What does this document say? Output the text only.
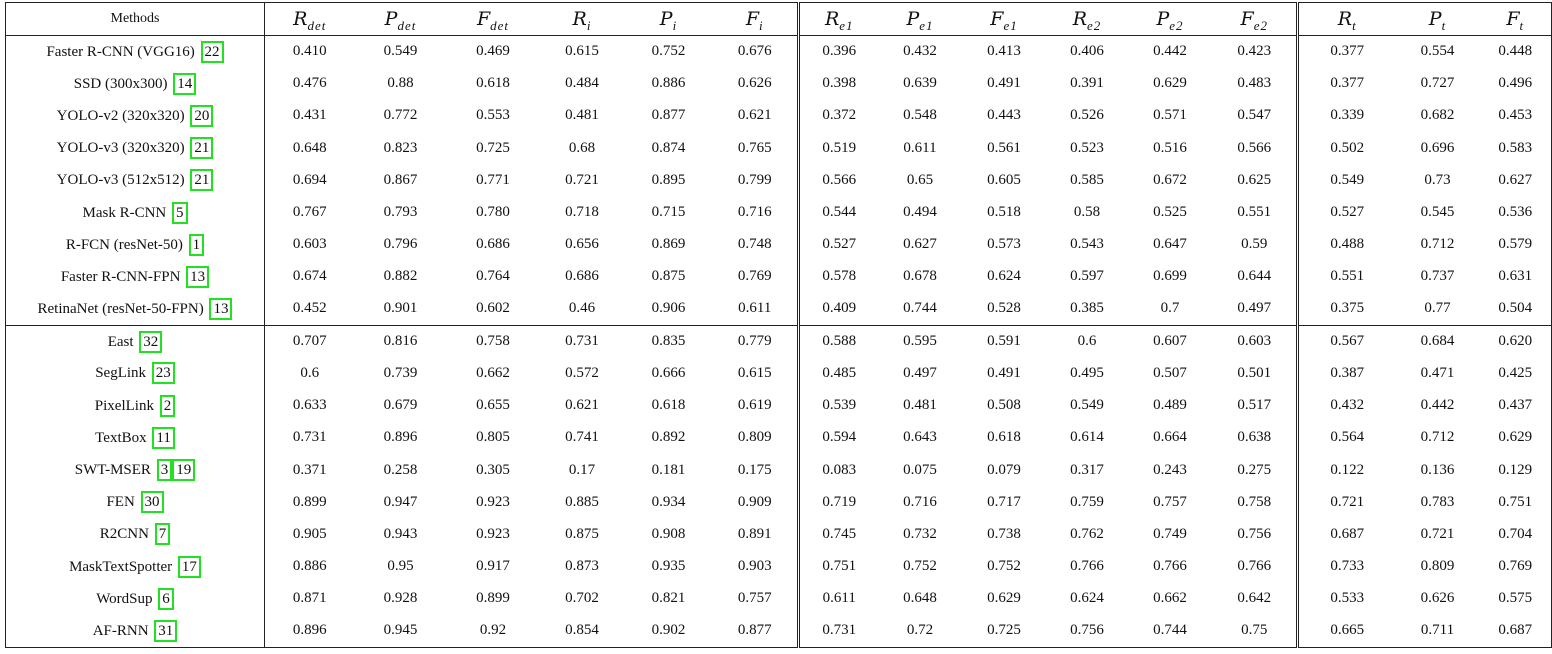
Methods	Rdet	Pdet	Fdet	Ri	Pi	Fi	Re1	Pe1	Fe1	Re2	Pe2	Fe2	Rt	Pt	Ft
Faster R-CNN (VGG16) 22	0.410	0.549	0.469	0.615	0.752	0.676	0.396	0.432	0.413	0.406	0.442	0.423	0.377	0.554	0.448
SSD (300x300) 14	0.476	0.88	0.618	0.484	0.886	0.626	0.398	0.639	0.491	0.391	0.629	0.483	0.377	0.727	0.496
YOLO-v2 (320x320) 20	0.431	0.772	0.553	0.481	0.877	0.621	0.372	0.548	0.443	0.526	0.571	0.547	0.339	0.682	0.453
YOLO-v3 (320x320) 21	0.648	0.823	0.725	0.68	0.874	0.765	0.519	0.611	0.561	0.523	0.516	0.566	0.502	0.696	0.583
YOLO-v3 (512x512) 21	0.694	0.867	0.771	0.721	0.895	0.799	0.566	0.65	0.605	0.585	0.672	0.625	0.549	0.73	0.627
Mask R-CNN 5	0.767	0.793	0.780	0.718	0.715	0.716	0.544	0.494	0.518	0.58	0.525	0.551	0.527	0.545	0.536
R-FCN (resNet-50) 1	0.603	0.796	0.686	0.656	0.869	0.748	0.527	0.627	0.573	0.543	0.647	0.59	0.488	0.712	0.579
Faster R-CNN-FPN 13	0.674	0.882	0.764	0.686	0.875	0.769	0.578	0.678	0.624	0.597	0.699	0.644	0.551	0.737	0.631
RetinaNet (resNet-50-FPN) 13	0.452	0.901	0.602	0.46	0.906	0.611	0.409	0.744	0.528	0.385	0.7	0.497	0.375	0.77	0.504
East 32	0.707	0.816	0.758	0.731	0.835	0.779	0.588	0.595	0.591	0.6	0.607	0.603	0.567	0.684	0.620
SegLink 23	0.6	0.739	0.662	0.572	0.666	0.615	0.485	0.497	0.491	0.495	0.507	0.501	0.387	0.471	0.425
PixelLink 2	0.633	0.679	0.655	0.621	0.618	0.619	0.539	0.481	0.508	0.549	0.489	0.517	0.432	0.442	0.437
TextBox 11	0.731	0.896	0.805	0.741	0.892	0.809	0.594	0.643	0.618	0.614	0.664	0.638	0.564	0.712	0.629
SWT-MSER 3 19	0.371	0.258	0.305	0.17	0.181	0.175	0.083	0.075	0.079	0.317	0.243	0.275	0.122	0.136	0.129
FEN 30	0.899	0.947	0.923	0.885	0.934	0.909	0.719	0.716	0.717	0.759	0.757	0.758	0.721	0.783	0.751
R2CNN 7	0.905	0.943	0.923	0.875	0.908	0.891	0.745	0.732	0.738	0.762	0.749	0.756	0.687	0.721	0.704
MaskTextSpotter 17	0.886	0.95	0.917	0.873	0.935	0.903	0.751	0.752	0.752	0.766	0.766	0.766	0.733	0.809	0.769
WordSup 6	0.871	0.928	0.899	0.702	0.821	0.757	0.611	0.648	0.629	0.624	0.662	0.642	0.533	0.626	0.575
AF-RNN 31	0.896	0.945	0.92	0.854	0.902	0.877	0.731	0.72	0.725	0.756	0.744	0.75	0.665	0.711	0.687
